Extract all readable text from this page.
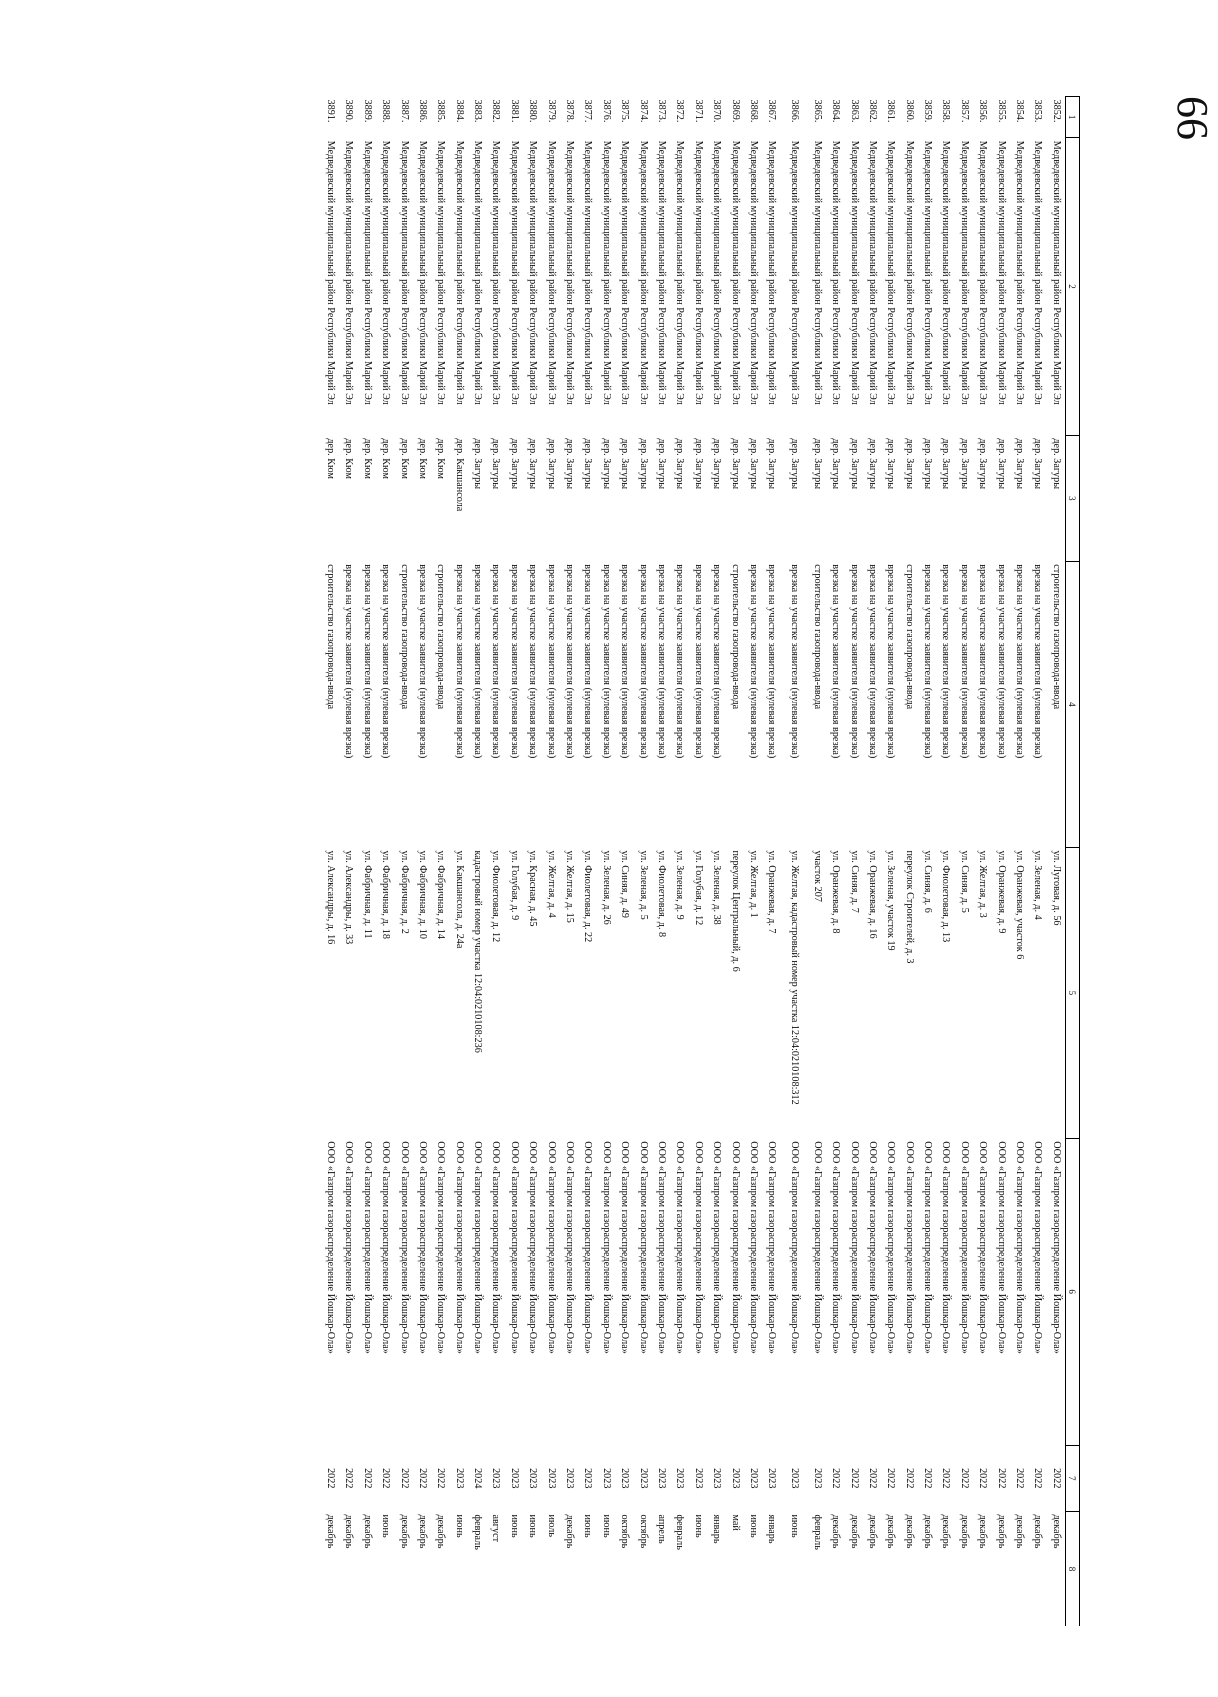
66
1	2	3	4	5	6	7	8
3852.	Медведевский муниципальный район Республики Марий Эл	дер. Загуры	строительство газопровода-ввода	ул. Луговая, д. 56	ООО «Газпром газораспределение Йошкар-Ола»	2022	декабрь
3853.	Медведевский муниципальный район Республики Марий Эл	дер. Загуры	врезка на участке заявителя (нулевая врезка)	ул. Зеленая, д. 4	ООО «Газпром газораспределение Йошкар-Ола»	2022	декабрь
3854.	Медведевский муниципальный район Республики Марий Эл	дер. Загуры	врезка на участке заявителя (нулевая врезка)	ул. Оранжевая, участок 6	ООО «Газпром газораспределение Йошкар-Ола»	2022	декабрь
3855.	Медведевский муниципальный район Республики Марий Эл	дер. Загуры	врезка на участке заявителя (нулевая врезка)	ул. Оранжевая, д. 9	ООО «Газпром газораспределение Йошкар-Ола»	2022	декабрь
3856.	Медведевский муниципальный район Республики Марий Эл	дер. Загуры	врезка на участке заявителя (нулевая врезка)	ул. Желтая, д. 3	ООО «Газпром газораспределение Йошкар-Ола»	2022	декабрь
3857.	Медведевский муниципальный район Республики Марий Эл	дер. Загуры	врезка на участке заявителя (нулевая врезка)	ул. Синяя, д. 5	ООО «Газпром газораспределение Йошкар-Ола»	2022	декабрь
3858.	Медведевский муниципальный район Республики Марий Эл	дер. Загуры	врезка на участке заявителя (нулевая врезка)	ул. Фиолетовая, д. 13	ООО «Газпром газораспределение Йошкар-Ола»	2022	декабрь
3859.	Медведевский муниципальный район Республики Марий Эл	дер. Загуры	врезка на участке заявителя (нулевая врезка)	ул. Синяя, д. 6	ООО «Газпром газораспределение Йошкар-Ола»	2022	декабрь
3860.	Медведевский муниципальный район Республики Марий Эл	дер. Загуры	строительство газопровода-ввода	переулок Строителей, д. 3	ООО «Газпром газораспределение Йошкар-Ола»	2022	декабрь
3861.	Медведевский муниципальный район Республики Марий Эл	дер. Загуры	врезка на участке заявителя (нулевая врезка)	ул. Зеленая, участок 19	ООО «Газпром газораспределение Йошкар-Ола»	2022	декабрь
3862.	Медведевский муниципальный район Республики Марий Эл	дер. Загуры	врезка на участке заявителя (нулевая врезка)	ул. Оранжевая, д. 16	ООО «Газпром газораспределение Йошкар-Ола»	2022	декабрь
3863.	Медведевский муниципальный район Республики Марий Эл	дер. Загуры	врезка на участке заявителя (нулевая врезка)	ул. Синяя, д. 7	ООО «Газпром газораспределение Йошкар-Ола»	2022	декабрь
3864.	Медведевский муниципальный район Республики Марий Эл	дер. Загуры	врезка на участке заявителя (нулевая врезка)	ул. Оранжевая, д. 8	ООО «Газпром газораспределение Йошкар-Ола»	2022	декабрь
3865.	Медведевский муниципальный район Республики Марий Эл	дер. Загуры	строительство газопровода-ввода	участок 207	ООО «Газпром газораспределение Йошкар-Ола»	2023	февраль
3866.	Медведевский муниципальный район Республики Марий Эл	дер. Загуры	врезка на участке заявителя (нулевая врезка)	ул. Желтая, кадастровый номер участка 12:04:0210108:312	ООО «Газпром газораспределение Йошкар-Ола»	2023	июнь
3867.	Медведевский муниципальный район Республики Марий Эл	дер. Загуры	врезка на участке заявителя (нулевая врезка)	ул. Оранжевая, д. 7	ООО «Газпром газораспределение Йошкар-Ола»	2023	январь
3868.	Медведевский муниципальный район Республики Марий Эл	дер. Загуры	врезка на участке заявителя (нулевая врезка)	ул. Желтая, д. 1	ООО «Газпром газораспределение Йошкар-Ола»	2023	июнь
3869.	Медведевский муниципальный район Республики Марий Эл	дер. Загуры	строительство газопровода-ввода	переулок Центральный, д. 6	ООО «Газпром газораспределение Йошкар-Ола»	2023	май
3870.	Медведевский муниципальный район Республики Марий Эл	дер. Загуры	врезка на участке заявителя (нулевая врезка)	ул. Зеленая, д. 38	ООО «Газпром газораспределение Йошкар-Ола»	2023	январь
3871.	Медведевский муниципальный район Республики Марий Эл	дер. Загуры	врезка на участке заявителя (нулевая врезка)	ул. Голубая, д. 12	ООО «Газпром газораспределение Йошкар-Ола»	2023	июнь
3872.	Медведевский муниципальный район Республики Марий Эл	дер. Загуры	врезка на участке заявителя (нулевая врезка)	ул. Зеленая, д. 9	ООО «Газпром газораспределение Йошкар-Ола»	2023	февраль
3873.	Медведевский муниципальный район Республики Марий Эл	дер. Загуры	врезка на участке заявителя (нулевая врезка)	ул. Фиолетовая, д. 8	ООО «Газпром газораспределение Йошкар-Ола»	2023	апрель
3874.	Медведевский муниципальный район Республики Марий Эл	дер. Загуры	врезка на участке заявителя (нулевая врезка)	ул. Зеленая, д. 5	ООО «Газпром газораспределение Йошкар-Ола»	2023	октябрь
3875.	Медведевский муниципальный район Республики Марий Эл	дер. Загуры	врезка на участке заявителя (нулевая врезка)	ул. Синяя, д. 49	ООО «Газпром газораспределение Йошкар-Ола»	2023	октябрь
3876.	Медведевский муниципальный район Республики Марий Эл	дер. Загуры	врезка на участке заявителя (нулевая врезка)	ул. Зеленая, д. 26	ООО «Газпром газораспределение Йошкар-Ола»	2023	июнь
3877.	Медведевский муниципальный район Республики Марий Эл	дер. Загуры	врезка на участке заявителя (нулевая врезка)	ул. Фиолетовая, д. 22	ООО «Газпром газораспределение Йошкар-Ола»	2023	июнь
3878.	Медведевский муниципальный район Республики Марий Эл	дер. Загуры	врезка на участке заявителя (нулевая врезка)	ул. Желтая, д. 15	ООО «Газпром газораспределение Йошкар-Ола»	2023	декабрь
3879.	Медведевский муниципальный район Республики Марий Эл	дер. Загуры	врезка на участке заявителя (нулевая врезка)	ул. Желтая, д. 4	ООО «Газпром газораспределение Йошкар-Ола»	2023	июль
3880.	Медведевский муниципальный район Республики Марий Эл	дер. Загуры	врезка на участке заявителя (нулевая врезка)	ул. Красная, д. 45	ООО «Газпром газораспределение Йошкар-Ола»	2023	июнь
3881.	Медведевский муниципальный район Республики Марий Эл	дер. Загуры	врезка на участке заявителя (нулевая врезка)	ул. Голубая, д. 9	ООО «Газпром газораспределение Йошкар-Ола»	2023	июнь
3882.	Медведевский муниципальный район Республики Марий Эл	дер. Загуры	врезка на участке заявителя (нулевая врезка)	ул. Фиолетовая, д. 12	ООО «Газпром газораспределение Йошкар-Ола»	2023	август
3883.	Медведевский муниципальный район Республики Марий Эл	дер. Загуры	врезка на участке заявителя (нулевая врезка)	кадастровый номер участка 12:04:0210108:236	ООО «Газпром газораспределение Йошкар-Ола»	2024	февраль
3884.	Медведевский муниципальный район Республики Марий Эл	дер. Какшансола	врезка на участке заявителя (нулевая врезка)	ул. Какшансола, д. 24а	ООО «Газпром газораспределение Йошкар-Ола»	2023	июнь
3885.	Медведевский муниципальный район Республики Марий Эл	дер. Кюм	строительство газопровода-ввода	ул. Фабричная, д. 14	ООО «Газпром газораспределение Йошкар-Ола»	2022	декабрь
3886.	Медведевский муниципальный район Республики Марий Эл	дер. Кюм	врезка на участке заявителя (нулевая врезка)	ул. Фабричная, д. 10	ООО «Газпром газораспределение Йошкар-Ола»	2022	декабрь
3887.	Медведевский муниципальный район Республики Марий Эл	дер. Кюм	строительство газопровода-ввода	ул. Фабричная, д. 2	ООО «Газпром газораспределение Йошкар-Ола»	2022	декабрь
3888.	Медведевский муниципальный район Республики Марий Эл	дер. Кюм	врезка на участке заявителя (нулевая врезка)	ул. Фабричная, д. 18	ООО «Газпром газораспределение Йошкар-Ола»	2022	июнь
3889.	Медведевский муниципальный район Республики Марий Эл	дер. Кюм	врезка на участке заявителя (нулевая врезка)	ул. Фабричная, д. 11	ООО «Газпром газораспределение Йошкар-Ола»	2022	декабрь
3890.	Медведевский муниципальный район Республики Марий Эл	дер. Кюм	врезка на участке заявителя (нулевая врезка)	ул. Александры, д. 33	ООО «Газпром газораспределение Йошкар-Ола»	2022	декабрь
3891.	Медведевский муниципальный район Республики Марий Эл	дер. Кюм	строительство газопровода-ввода	ул. Александры, д. 16	ООО «Газпром газораспределение Йошкар-Ола»	2022	декабрь
